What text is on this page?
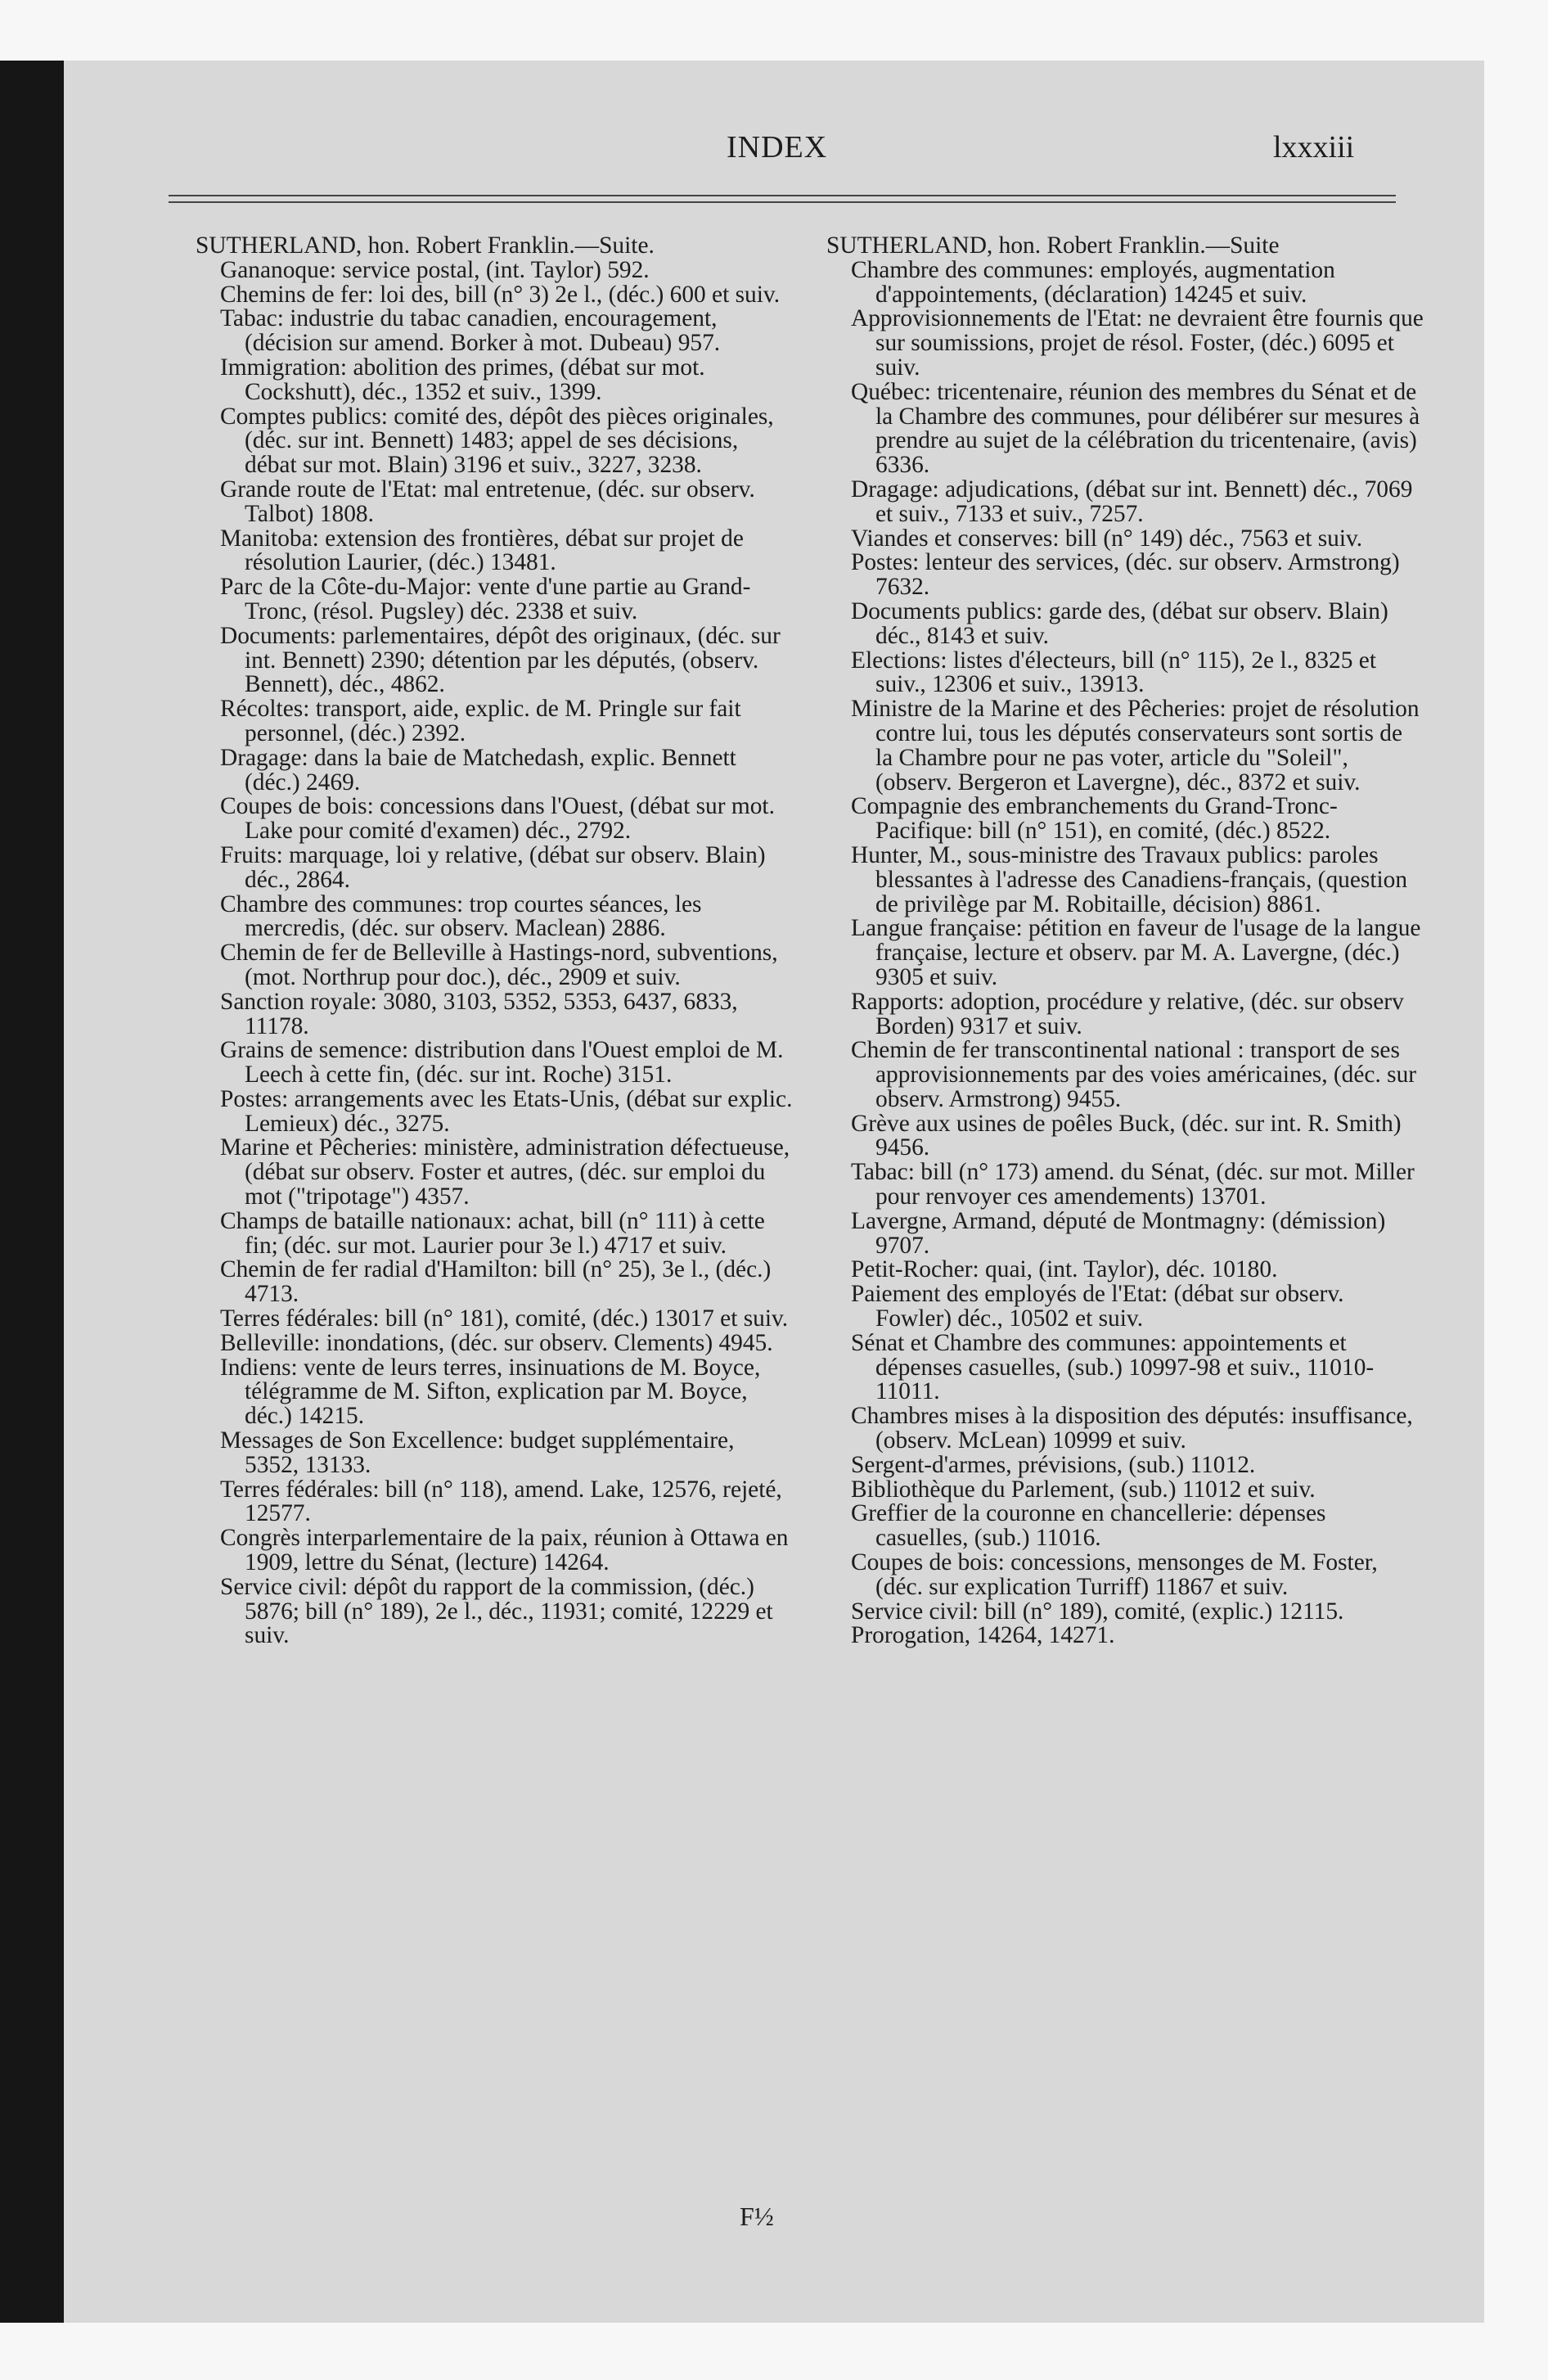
INDEX	lxxxiii

SUTHERLAND, hon. Robert Franklin.—Suite.

Gananoque: service postal, (int. Taylor) 592.

Chemins de fer: loi des, bill (n° 3) 2e l., (déc.) 600 et suiv.

Tabac: industrie du tabac canadien, encouragement, (décision sur amend. Borker à mot. Dubeau) 957.

Immigration: abolition des primes, (débat sur mot. Cockshutt), déc., 1352 et suiv., 1399.

Comptes publics: comité des, dépôt des pièces originales, (déc. sur int. Bennett) 1483; appel de ses décisions, débat sur mot. Blain) 3196 et suiv., 3227, 3238.

Grande route de l'Etat: mal entretenue, (déc. sur observ. Talbot) 1808.

Manitoba: extension des frontières, débat sur projet de résolution Laurier, (déc.) 13481.

Parc de la Côte-du-Major: vente d'une partie au Grand-Tronc, (résol. Pugsley) déc. 2338 et suiv.

Documents: parlementaires, dépôt des originaux, (déc. sur int. Bennett) 2390; détention par les députés, (observ. Bennett), déc., 4862.

Récoltes: transport, aide, explic. de M. Pringle sur fait personnel, (déc.) 2392.

Dragage: dans la baie de Matchedash, explic. Bennett (déc.) 2469.

Coupes de bois: concessions dans l'Ouest, (débat sur mot. Lake pour comité d'examen) déc., 2792.

Fruits: marquage, loi y relative, (débat sur observ. Blain) déc., 2864.

Chambre des communes: trop courtes séances, les mercredis, (déc. sur observ. Maclean) 2886.

Chemin de fer de Belleville à Hastings-nord, subventions, (mot. Northrup pour doc.), déc., 2909 et suiv.

Sanction royale: 3080, 3103, 5352, 5353, 6437, 6833, 11178.

Grains de semence: distribution dans l'Ouest emploi de M. Leech à cette fin, (déc. sur int. Roche) 3151.

Postes: arrangements avec les Etats-Unis, (débat sur explic. Lemieux) déc., 3275.

Marine et Pêcheries: ministère, administration défectueuse, (débat sur observ. Foster et autres, (déc. sur emploi du mot ("tripotage") 4357.

Champs de bataille nationaux: achat, bill (n° 111) à cette fin; (déc. sur mot. Laurier pour 3e l.) 4717 et suiv.

Chemin de fer radial d'Hamilton: bill (n° 25), 3e l., (déc.) 4713.

Terres fédérales: bill (n° 181), comité, (déc.) 13017 et suiv.

Belleville: inondations, (déc. sur observ. Clements) 4945.

Indiens: vente de leurs terres, insinuations de M. Boyce, télégramme de M. Sifton, explication par M. Boyce, déc.) 14215.

Messages de Son Excellence: budget supplémentaire, 5352, 13133.

Terres fédérales: bill (n° 118), amend. Lake, 12576, rejeté, 12577.

Congrès interparlementaire de la paix, réunion à Ottawa en 1909, lettre du Sénat, (lecture) 14264.

Service civil: dépôt du rapport de la commission, (déc.) 5876; bill (n° 189), 2e l., déc., 11931; comité, 12229 et suiv.

SUTHERLAND, hon. Robert Franklin.—Suite

Chambre des communes: employés, augmentation d'appointements, (déclaration) 14245 et suiv.

Approvisionnements de l'Etat: ne devraient être fournis que sur soumissions, projet de résol. Foster, (déc.) 6095 et suiv.

Québec: tricentenaire, réunion des membres du Sénat et de la Chambre des communes, pour délibérer sur mesures à prendre au sujet de la célébration du tricentenaire, (avis) 6336.

Dragage: adjudications, (débat sur int. Bennett) déc., 7069 et suiv., 7133 et suiv., 7257.

Viandes et conserves: bill (n° 149) déc., 7563 et suiv.

Postes: lenteur des services, (déc. sur observ. Armstrong) 7632.

Documents publics: garde des, (débat sur observ. Blain) déc., 8143 et suiv.

Elections: listes d'électeurs, bill (n° 115), 2e l., 8325 et suiv., 12306 et suiv., 13913.

Ministre de la Marine et des Pêcheries: projet de résolution contre lui, tous les députés conservateurs sont sortis de la Chambre pour ne pas voter, article du "Soleil", (observ. Bergeron et Lavergne), déc., 8372 et suiv.

Compagnie des embranchements du Grand-Tronc-Pacifique: bill (n° 151), en comité, (déc.) 8522.

Hunter, M., sous-ministre des Travaux publics: paroles blessantes à l'adresse des Canadiens-français, (question de privilège par M. Robitaille, décision) 8861.

Langue française: pétition en faveur de l'usage de la langue française, lecture et observ. par M. A. Lavergne, (déc.) 9305 et suiv.

Rapports: adoption, procédure y relative, (déc. sur observ Borden) 9317 et suiv.

Chemin de fer transcontinental national : transport de ses approvisionnements par des voies américaines, (déc. sur observ. Armstrong) 9455.

Grève aux usines de poêles Buck, (déc. sur int. R. Smith) 9456.

Tabac: bill (n° 173) amend. du Sénat, (déc. sur mot. Miller pour renvoyer ces amendements) 13701.

Lavergne, Armand, député de Montmagny: (démission) 9707.

Petit-Rocher: quai, (int. Taylor), déc. 10180.

Paiement des employés de l'Etat: (débat sur observ. Fowler) déc., 10502 et suiv.

Sénat et Chambre des communes: appointements et dépenses casuelles, (sub.) 10997-98 et suiv., 11010-11011.

Chambres mises à la disposition des députés: insuffisance, (observ. McLean) 10999 et suiv.

Sergent-d'armes, prévisions, (sub.) 11012.

Bibliothèque du Parlement, (sub.) 11012 et suiv.

Greffier de la couronne en chancellerie: dépenses casuelles, (sub.) 11016.

Coupes de bois: concessions, mensonges de M. Foster, (déc. sur explication Turriff) 11867 et suiv.

Service civil: bill (n° 189), comité, (explic.) 12115.

Prorogation, 14264, 14271.

F½
